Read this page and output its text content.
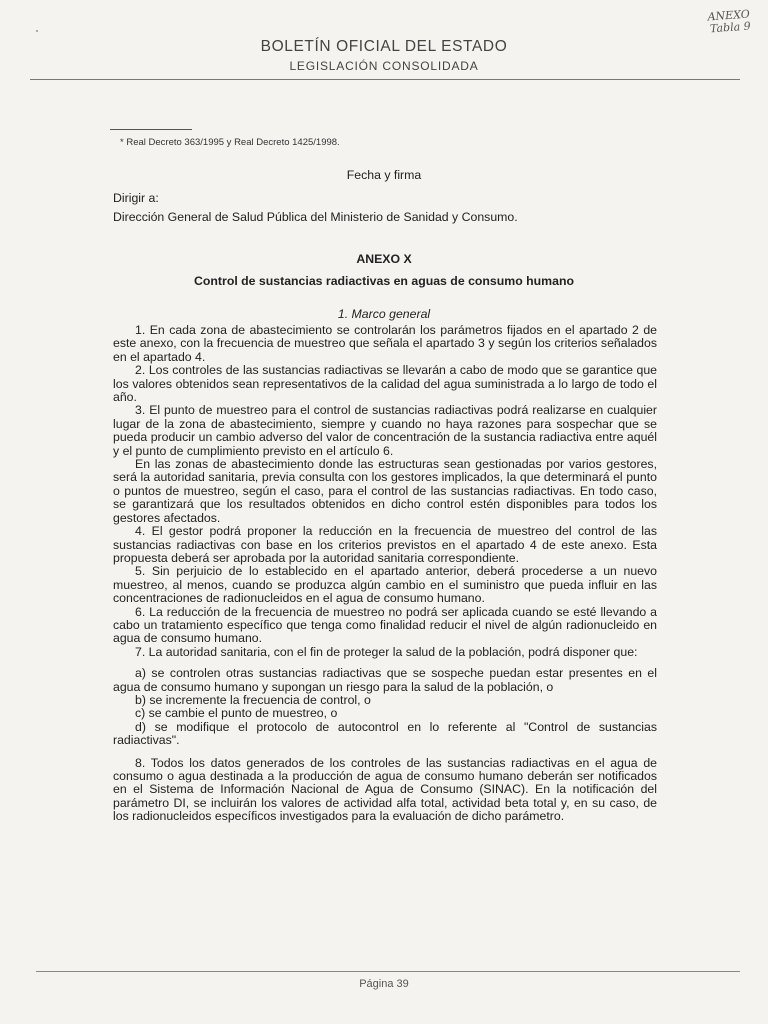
ANEXO
Tabla 9
BOLETÍN OFICIAL DEL ESTADO
LEGISLACIÓN CONSOLIDADA
* Real Decreto 363/1995 y Real Decreto 1425/1998.
Fecha y firma
Dirigir a:
Dirección General de Salud Pública del Ministerio de Sanidad y Consumo.
ANEXO X
Control de sustancias radiactivas en aguas de consumo humano
1. Marco general

1. En cada zona de abastecimiento se controlarán los parámetros fijados en el apartado 2 de este anexo, con la frecuencia de muestreo que señala el apartado 3 y según los criterios señalados en el apartado 4.

2. Los controles de las sustancias radiactivas se llevarán a cabo de modo que se garantice que los valores obtenidos sean representativos de la calidad del agua suministrada a lo largo de todo el año.

3. El punto de muestreo para el control de sustancias radiactivas podrá realizarse en cualquier lugar de la zona de abastecimiento, siempre y cuando no haya razones para sospechar que se pueda producir un cambio adverso del valor de concentración de la sustancia radiactiva entre aquél y el punto de cumplimiento previsto en el artículo 6.

En las zonas de abastecimiento donde las estructuras sean gestionadas por varios gestores, será la autoridad sanitaria, previa consulta con los gestores implicados, la que determinará el punto o puntos de muestreo, según el caso, para el control de las sustancias radiactivas. En todo caso, se garantizará que los resultados obtenidos en dicho control estén disponibles para todos los gestores afectados.

4. El gestor podrá proponer la reducción en la frecuencia de muestreo del control de las sustancias radiactivas con base en los criterios previstos en el apartado 4 de este anexo. Esta propuesta deberá ser aprobada por la autoridad sanitaria correspondiente.

5. Sin perjuicio de lo establecido en el apartado anterior, deberá procederse a un nuevo muestreo, al menos, cuando se produzca algún cambio en el suministro que pueda influir en las concentraciones de radionucleidos en el agua de consumo humano.

6. La reducción de la frecuencia de muestreo no podrá ser aplicada cuando se esté llevando a cabo un tratamiento específico que tenga como finalidad reducir el nivel de algún radionucleido en agua de consumo humano.

7. La autoridad sanitaria, con el fin de proteger la salud de la población, podrá disponer que:

a) se controlen otras sustancias radiactivas que se sospeche puedan estar presentes en el agua de consumo humano y supongan un riesgo para la salud de la población, o

b) se incremente la frecuencia de control, o

c) se cambie el punto de muestreo, o

d) se modifique el protocolo de autocontrol en lo referente al "Control de sustancias radiactivas".

8. Todos los datos generados de los controles de las sustancias radiactivas en el agua de consumo o agua destinada a la producción de agua de consumo humano deberán ser notificados en el Sistema de Información Nacional de Agua de Consumo (SINAC). En la notificación del parámetro DI, se incluirán los valores de actividad alfa total, actividad beta total y, en su caso, de los radionucleidos específicos investigados para la evaluación de dicho parámetro.

Página 39
